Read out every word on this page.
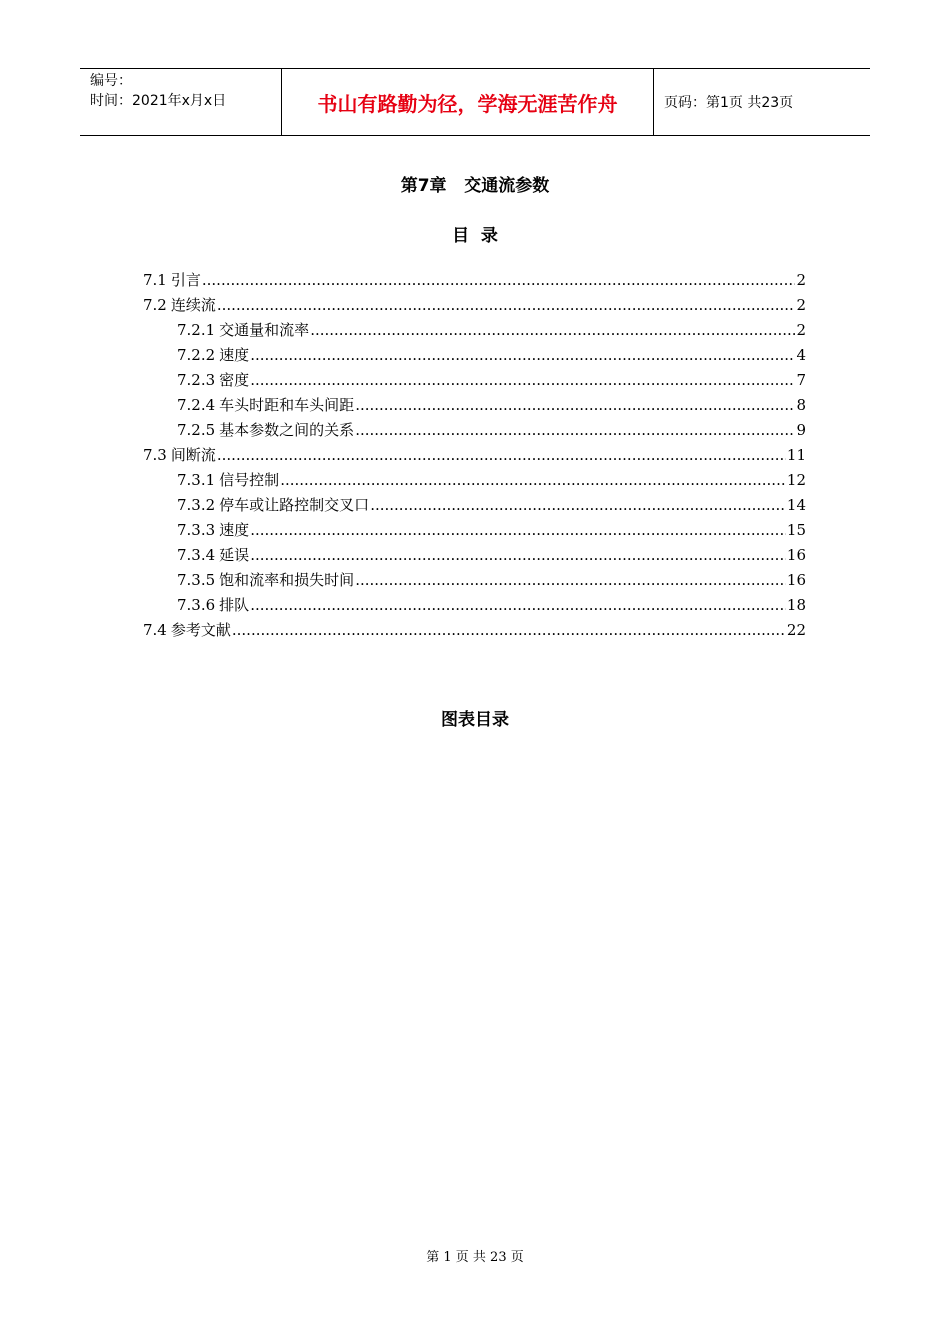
编号：
时间：2021年x月x日	书山有路勤为径，学海无涯苦作舟	页码：第1页 共23页
第7章   交通流参数
目  录
7.1 引言 .....	2
7.2 连续流 .....	2
7.2.1 交通量和流率 .....	2
7.2.2 速度 .....	4
7.2.3 密度 .....	7
7.2.4 车头时距和车头间距 .....	8
7.2.5 基本参数之间的关系 .....	9
7.3 间断流 .....	11
7.3.1 信号控制 .....	12
7.3.2 停车或让路控制交叉口 .....	14
7.3.3 速度 .....	15
7.3.4 延误 .....	16
7.3.5 饱和流率和损失时间 .....	16
7.3.6 排队 .....	18
7.4 参考文献 .....	22
图表目录
第 1 页 共 23 页
